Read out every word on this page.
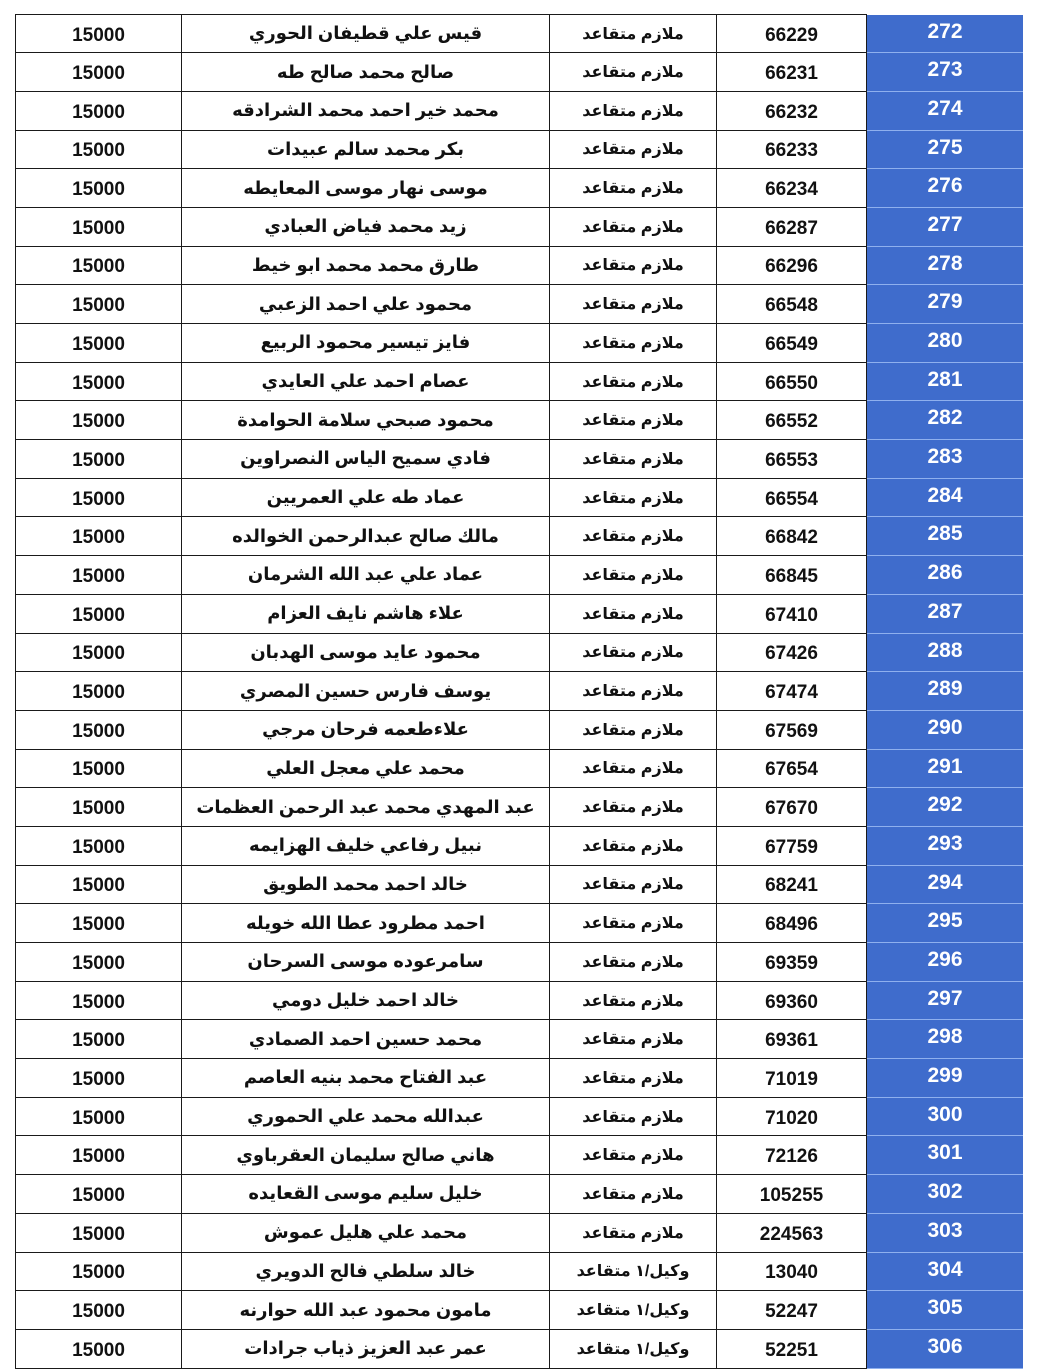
15000	قيس علي قطيفان الحوري	ملازم متقاعد	66229	272
15000	صالح محمد صالح طه	ملازم متقاعد	66231	273
15000	محمد خير احمد محمد الشرادقه	ملازم متقاعد	66232	274
15000	بكر محمد سالم عبيدات	ملازم متقاعد	66233	275
15000	موسى نهار موسى المعايطه	ملازم متقاعد	66234	276
15000	زيد محمد فياض العبادي	ملازم متقاعد	66287	277
15000	طارق محمد محمد ابو خيط	ملازم متقاعد	66296	278
15000	محمود علي احمد الزعبي	ملازم متقاعد	66548	279
15000	فايز تيسير محمود الربيع	ملازم متقاعد	66549	280
15000	عصام احمد علي العايدي	ملازم متقاعد	66550	281
15000	محمود صبحي سلامة الحوامدة	ملازم متقاعد	66552	282
15000	فادي سميح الياس النصراوين	ملازم متقاعد	66553	283
15000	عماد طه علي العمريين	ملازم متقاعد	66554	284
15000	مالك صالح عبدالرحمن الخوالده	ملازم متقاعد	66842	285
15000	عماد علي عبد الله الشرمان	ملازم متقاعد	66845	286
15000	علاء هاشم نايف العزام	ملازم متقاعد	67410	287
15000	محمود عايد موسى الهدبان	ملازم متقاعد	67426	288
15000	يوسف فارس حسين المصري	ملازم متقاعد	67474	289
15000	علاءطعمه فرحان مرجي	ملازم متقاعد	67569	290
15000	محمد علي معجل العلي	ملازم متقاعد	67654	291
15000	عبد المهدي محمد عبد الرحمن العظمات	ملازم متقاعد	67670	292
15000	نبيل رفاعي خليف الهزايمه	ملازم متقاعد	67759	293
15000	خالد احمد محمد الطويق	ملازم متقاعد	68241	294
15000	احمد مطرود عطا الله خويله	ملازم متقاعد	68496	295
15000	سامرعوده موسى السرحان	ملازم متقاعد	69359	296
15000	خالد احمد خليل دومي	ملازم متقاعد	69360	297
15000	محمد حسين احمد الصمادي	ملازم متقاعد	69361	298
15000	عبد الفتاح محمد بنيه العاصم	ملازم متقاعد	71019	299
15000	عبدالله محمد علي الحموري	ملازم متقاعد	71020	300
15000	هاني صالح سليمان العقرباوي	ملازم متقاعد	72126	301
15000	خليل سليم موسى القعايده	ملازم متقاعد	105255	302
15000	محمد علي هليل عموش	ملازم متقاعد	224563	303
15000	خالد سلطي فالح الدويري	وكيل/١ متقاعد	13040	304
15000	مامون محمود عبد الله حوارنه	وكيل/١ متقاعد	52247	305
15000	عمر عبد العزيز ذياب جرادات	وكيل/١ متقاعد	52251	306
